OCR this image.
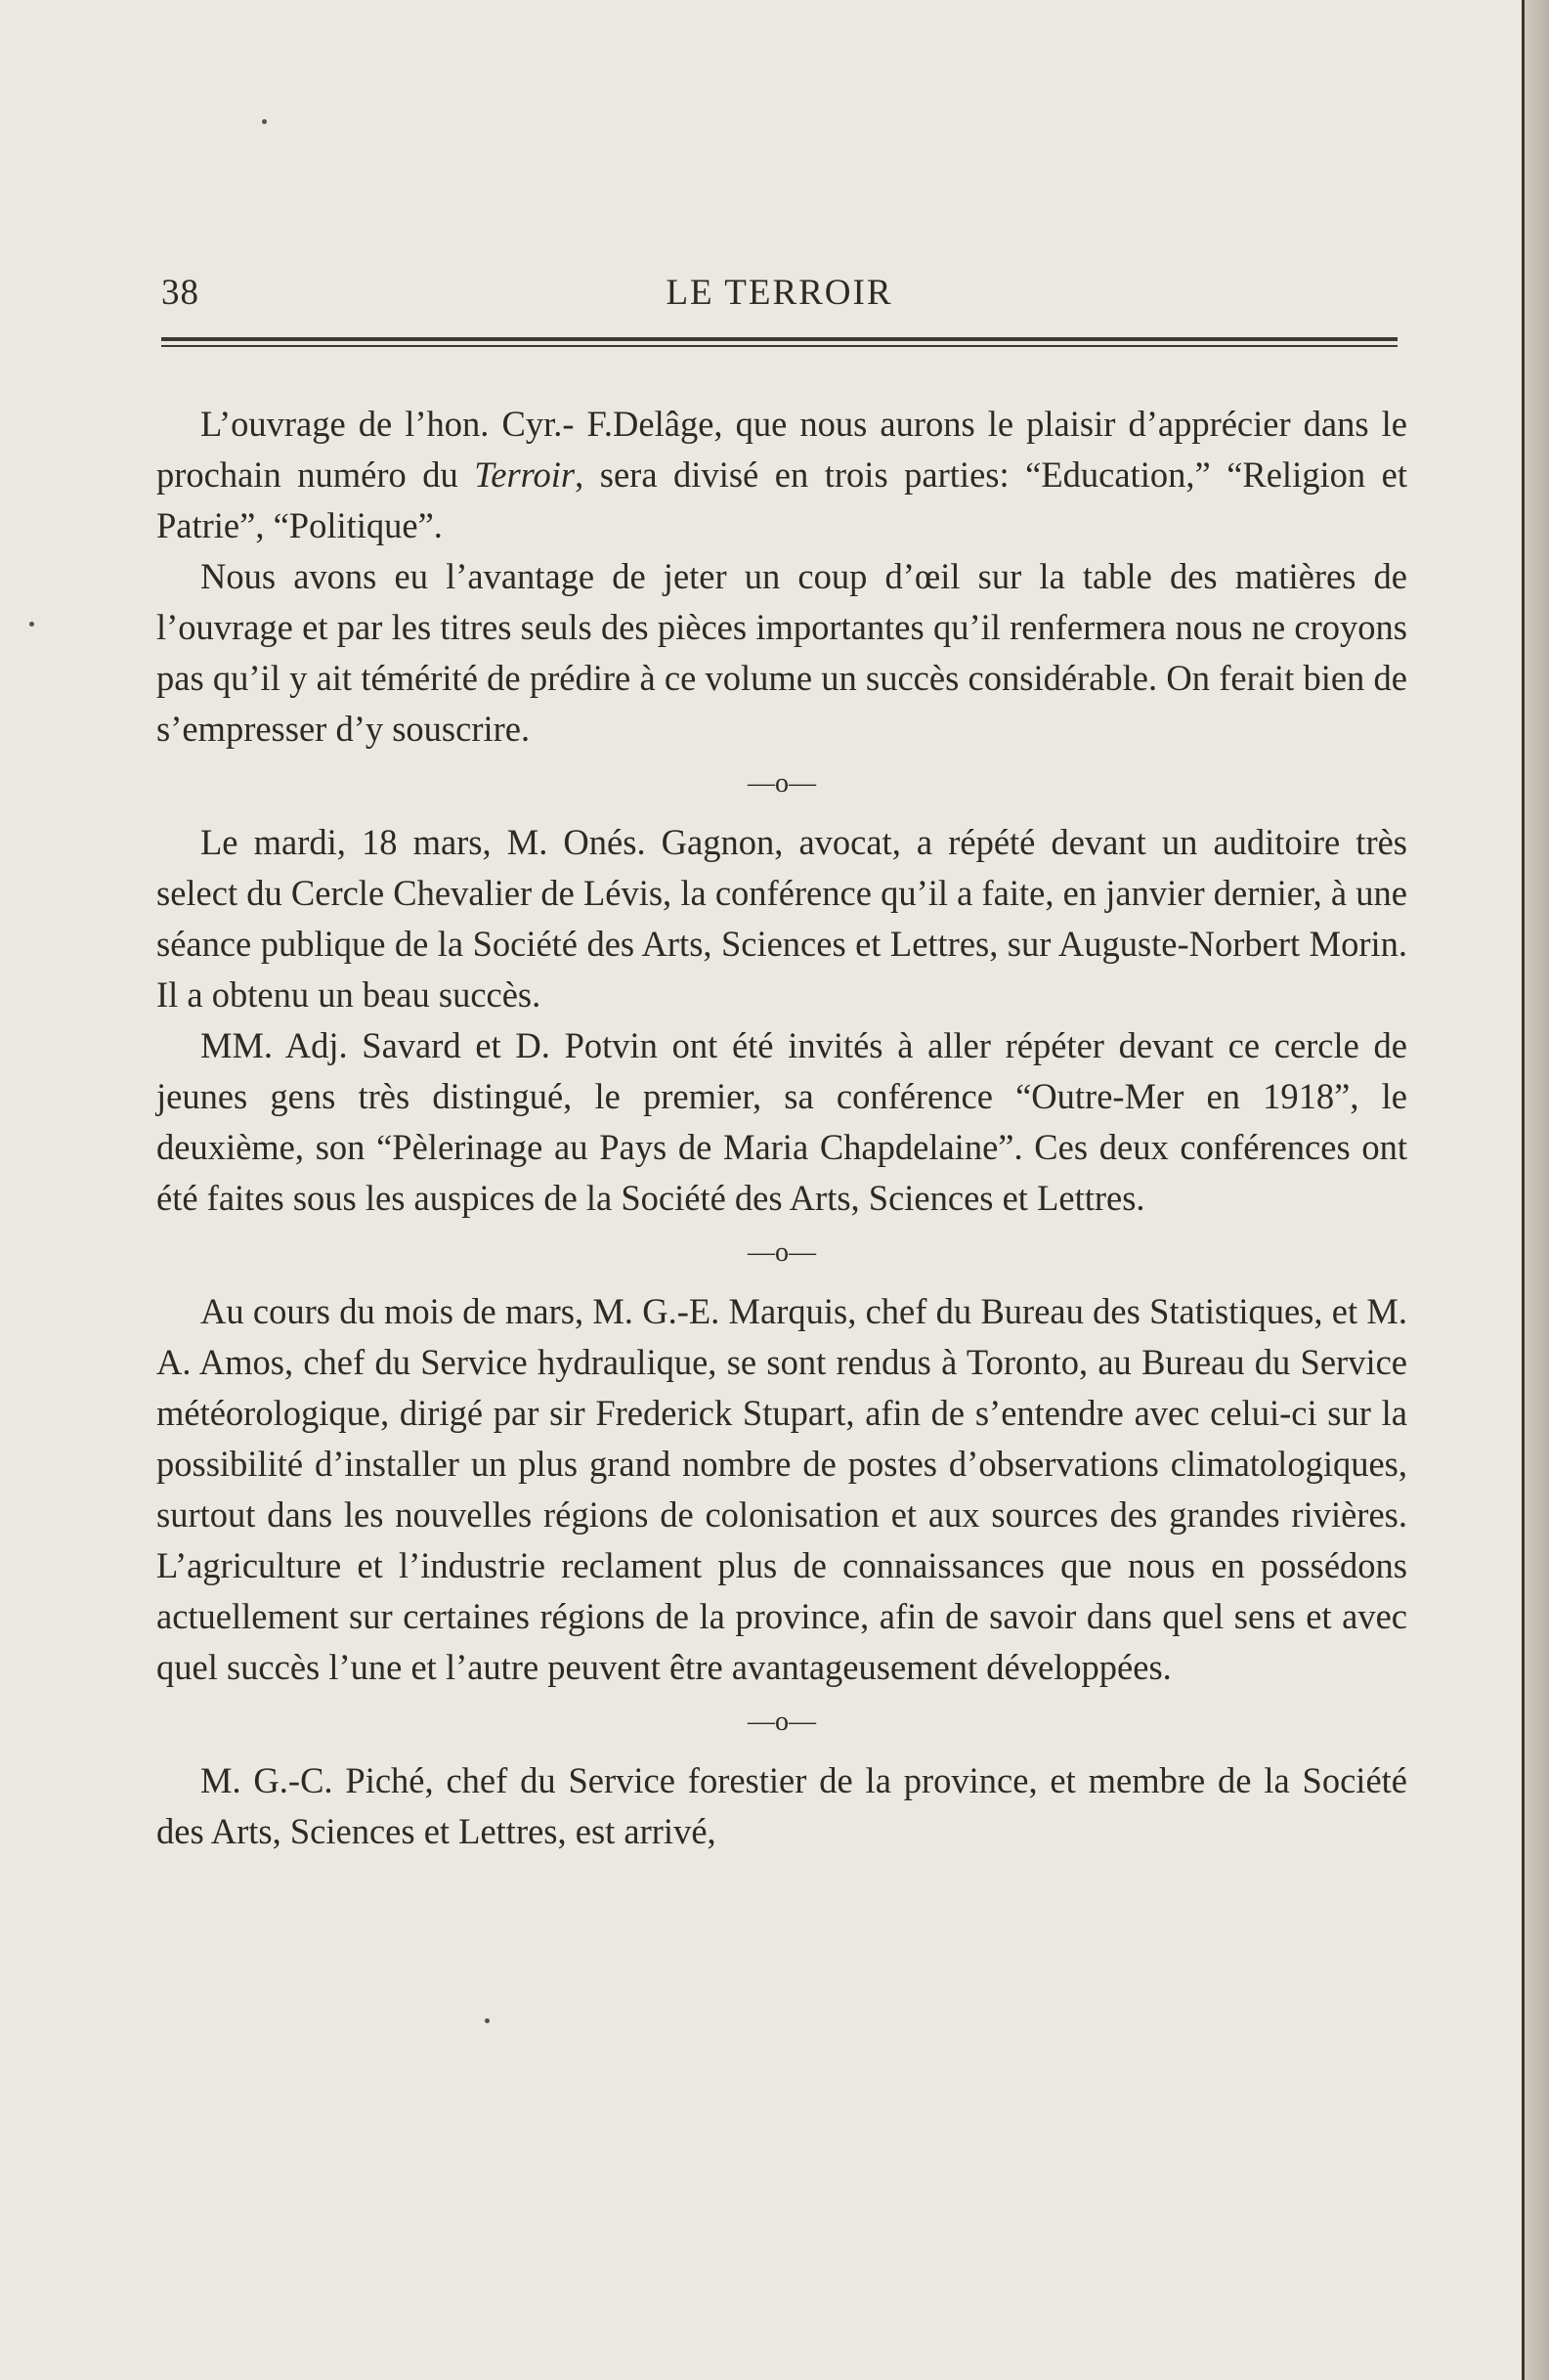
38	LE TERROIR

L’ouvrage de l’hon. Cyr.- F.Delâge, que nous aurons le plaisir d’apprécier dans le prochain numéro du Terroir, sera divisé en trois parties: “Education,” “Religion et Patrie”, “Politique”.

Nous avons eu l’avantage de jeter un coup d’œil sur la table des matières de l’ouvrage et par les titres seuls des pièces importantes qu’il renfermera nous ne croyons pas qu’il y ait témérité de prédire à ce volume un succès considérable. On ferait bien de s’empresser d’y souscrire.

—o—

Le mardi, 18 mars, M. Onés. Gagnon, avocat, a répété devant un auditoire très select du Cercle Chevalier de Lévis, la conférence qu’il a faite, en janvier dernier, à une séance publique de la Société des Arts, Sciences et Lettres, sur Auguste-Norbert Morin. Il a obtenu un beau succès.

MM. Adj. Savard et D. Potvin ont été invités à aller répéter devant ce cercle de jeunes gens très distingué, le premier, sa conférence “Outre-Mer en 1918”, le deuxième, son “Pèlerinage au Pays de Maria Chapdelaine”. Ces deux conférences ont été faites sous les auspices de la Société des Arts, Sciences et Lettres.

—o—

Au cours du mois de mars, M. G.-E. Marquis, chef du Bureau des Statistiques, et M. A. Amos, chef du Service hydraulique, se sont rendus à Toronto, au Bureau du Service météorologique, dirigé par sir Frederick Stupart, afin de s’entendre avec celui-ci sur la possibilité d’installer un plus grand nombre de postes d’observations climatologiques, surtout dans les nouvelles régions de colonisation et aux sources des grandes rivières. L’agriculture et l’industrie reclament plus de connaissances que nous en possédons actuellement sur certaines régions de la province, afin de savoir dans quel sens et avec quel succès l’une et l’autre peuvent être avantageusement développées.

—o—

M. G.-C. Piché, chef du Service forestier de la province, et membre de la Société des Arts, Sciences et Lettres, est arrivé,
